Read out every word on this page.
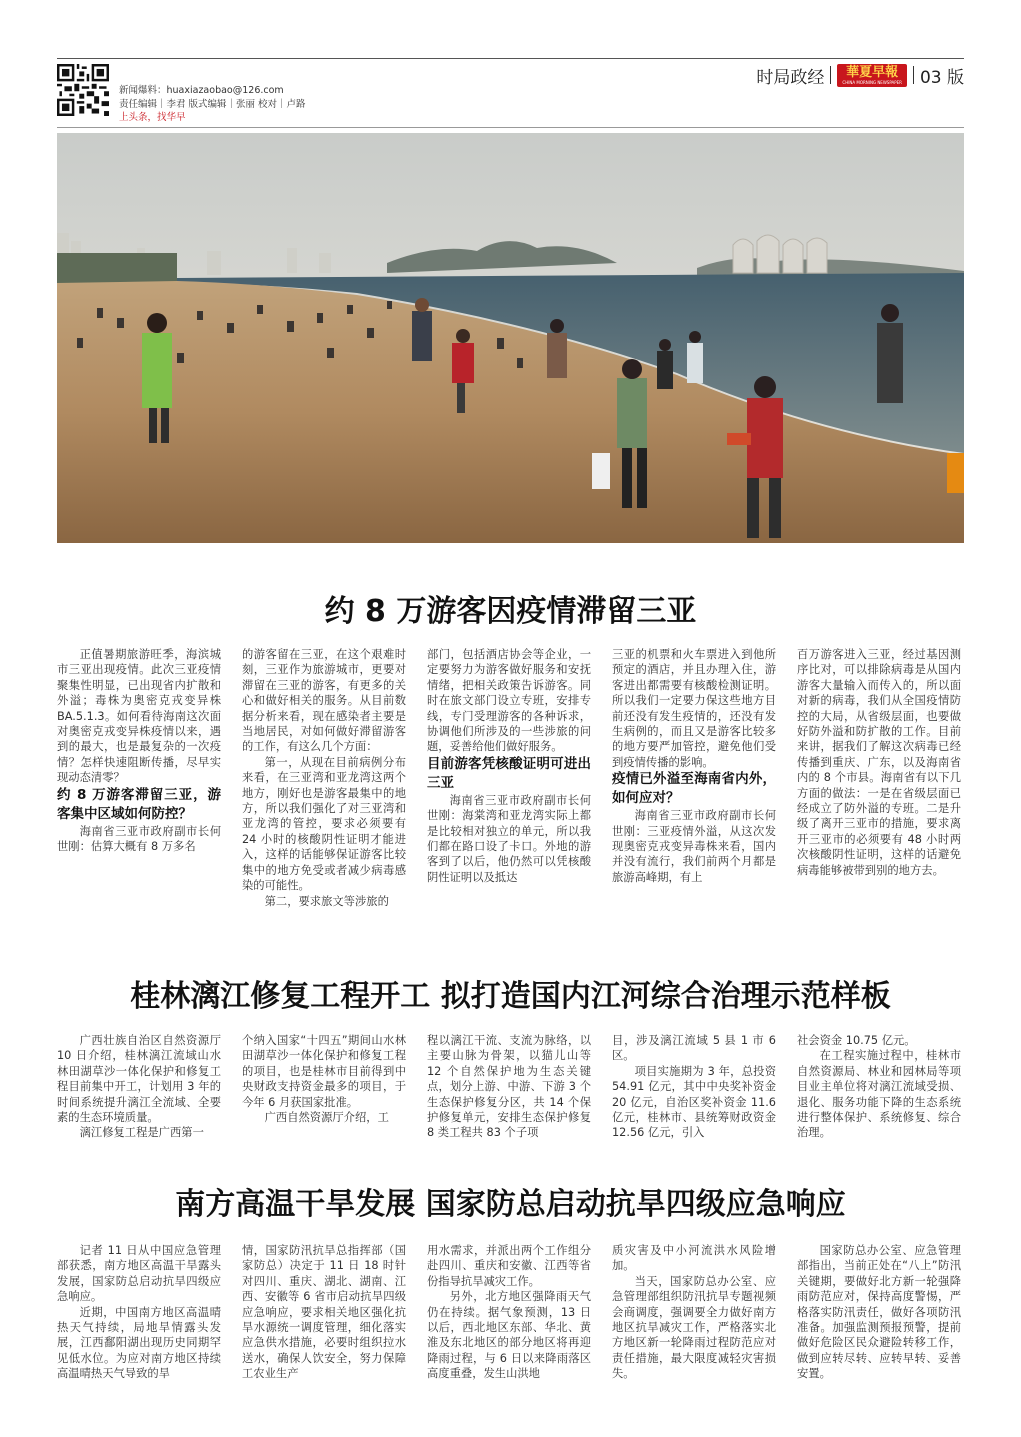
新闻爆料：huaxiazaobao@126.com
责任编辑｜李君 版式编辑｜张丽 校对｜卢路
上头条，找华早
时局政经	華夏早報
CHINA MORNING NEWSPAPER 03 版
约 8 万游客因疫情滞留三亚

正值暑期旅游旺季，海滨城市三亚出现疫情。此次三亚疫情聚集性明显，已出现省内扩散和外溢；毒株为奥密克戎变异株 BA.5.1.3。如何看待海南这次面对奥密克戎变异株疫情以来，遇到的最大，也是最复杂的一次疫情？怎样快速阻断传播，尽早实现动态清零？

约 8 万游客滞留三亚，游客集中区域如何防控？

海南省三亚市政府副市长何世刚：估算大概有 8 万多名

的游客留在三亚，在这个艰难时刻，三亚作为旅游城市，更要对滞留在三亚的游客，有更多的关心和做好相关的服务。从目前数据分析来看，现在感染者主要是当地居民，对如何做好滞留游客的工作，有这么几个方面：

第一，从现在目前病例分布来看，在三亚湾和亚龙湾这两个地方，刚好也是游客最集中的地方，所以我们强化了对三亚湾和亚龙湾的管控，要求必须要有 24 小时的核酸阴性证明才能进入，这样的话能够保证游客比较集中的地方免受或者减少病毒感染的可能性。

第二，要求旅文等涉旅的

部门，包括酒店协会等企业，一定要努力为游客做好服务和安抚情绪，把相关政策告诉游客。同时在旅文部门设立专班，安排专线，专门受理游客的各种诉求，协调他们所涉及的一些涉旅的问题，妥善给他们做好服务。

目前游客凭核酸证明可进出三亚

海南省三亚市政府副市长何世刚：海棠湾和亚龙湾实际上都是比较相对独立的单元，所以我们都在路口设了卡口。外地的游客到了以后，他仍然可以凭核酸阴性证明以及抵达

三亚的机票和火车票进入到他所预定的酒店，并且办理入住，游客进出都需要有核酸检测证明。所以我们一定要力保这些地方目前还没有发生疫情的，还没有发生病例的，而且又是游客比较多的地方要严加管控，避免他们受到疫情传播的影响。

疫情已外溢至海南省内外，如何应对？

海南省三亚市政府副市长何世刚：三亚疫情外溢，从这次发现奥密克戎变异毒株来看，国内并没有流行，我们前两个月都是旅游高峰期，有上

百万游客进入三亚，经过基因测序比对，可以排除病毒是从国内游客大量输入而传入的，所以面对新的病毒，我们从全国疫情防控的大局，从省级层面，也要做好防外溢和防扩散的工作。目前来讲，据我们了解这次病毒已经传播到重庆、广东，以及海南省内的 8 个市县。海南省有以下几方面的做法：一是在省级层面已经成立了防外溢的专班。二是升级了离开三亚市的措施，要求离开三亚市的必须要有 48 小时两次核酸阴性证明，这样的话避免病毒能够被带到别的地方去。

桂林漓江修复工程开工 拟打造国内江河综合治理示范样板

广西壮族自治区自然资源厅 10 日介绍，桂林漓江流域山水林田湖草沙一体化保护和修复工程目前集中开工，计划用 3 年的时间系统提升漓江全流域、全要素的生态环境质量。

漓江修复工程是广西第一

个纳入国家“十四五”期间山水林田湖草沙一体化保护和修复工程的项目，也是桂林市目前得到中央财政支持资金最多的项目，于今年 6 月获国家批准。

广西自然资源厅介绍，工

程以漓江干流、支流为脉络，以主要山脉为骨架，以猫儿山等 12 个自然保护地为生态关键点，划分上游、中游、下游 3 个生态保护修复分区，共 14 个保护修复单元，安排生态保护修复 8 类工程共 83 个子项

目，涉及漓江流域 5 县 1 市 6 区。

项目实施期为 3 年，总投资 54.91 亿元，其中中央奖补资金 20 亿元，自治区奖补资金 11.6 亿元，桂林市、县统筹财政资金 12.56 亿元，引入

社会资金 10.75 亿元。

在工程实施过程中，桂林市自然资源局、林业和园林局等项目业主单位将对漓江流域受损、退化、服务功能下降的生态系统进行整体保护、系统修复、综合治理。

南方高温干旱发展 国家防总启动抗旱四级应急响应

记者 11 日从中国应急管理部获悉，南方地区高温干旱露头发展，国家防总启动抗旱四级应急响应。

近期，中国南方地区高温晴热天气持续，局地旱情露头发展，江西鄱阳湖出现历史同期罕见低水位。为应对南方地区持续高温晴热天气导致的旱

情，国家防汛抗旱总指挥部（国家防总）决定于 11 日 18 时针对四川、重庆、湖北、湖南、江西、安徽等 6 省市启动抗旱四级应急响应，要求相关地区强化抗旱水源统一调度管理，细化落实应急供水措施，必要时组织拉水送水，确保人饮安全，努力保障工农业生产

用水需求，并派出两个工作组分赴四川、重庆和安徽、江西等省份指导抗旱减灾工作。

另外，北方地区强降雨天气仍在持续。据气象预测，13 日以后，西北地区东部、华北、黄淮及东北地区的部分地区将再迎降雨过程，与 6 日以来降雨落区高度重叠，发生山洪地

质灾害及中小河流洪水风险增加。

当天，国家防总办公室、应急管理部组织防汛抗旱专题视频会商调度，强调要全力做好南方地区抗旱减灾工作，严格落实北方地区新一轮降雨过程防范应对责任措施，最大限度减轻灾害损失。

国家防总办公室、应急管理部指出，当前正处在“八上”防汛关键期，要做好北方新一轮强降雨防范应对，保持高度警惕，严格落实防汛责任，做好各项防汛准备。加强监测预报预警，提前做好危险区民众避险转移工作，做到应转尽转、应转早转、妥善安置。
